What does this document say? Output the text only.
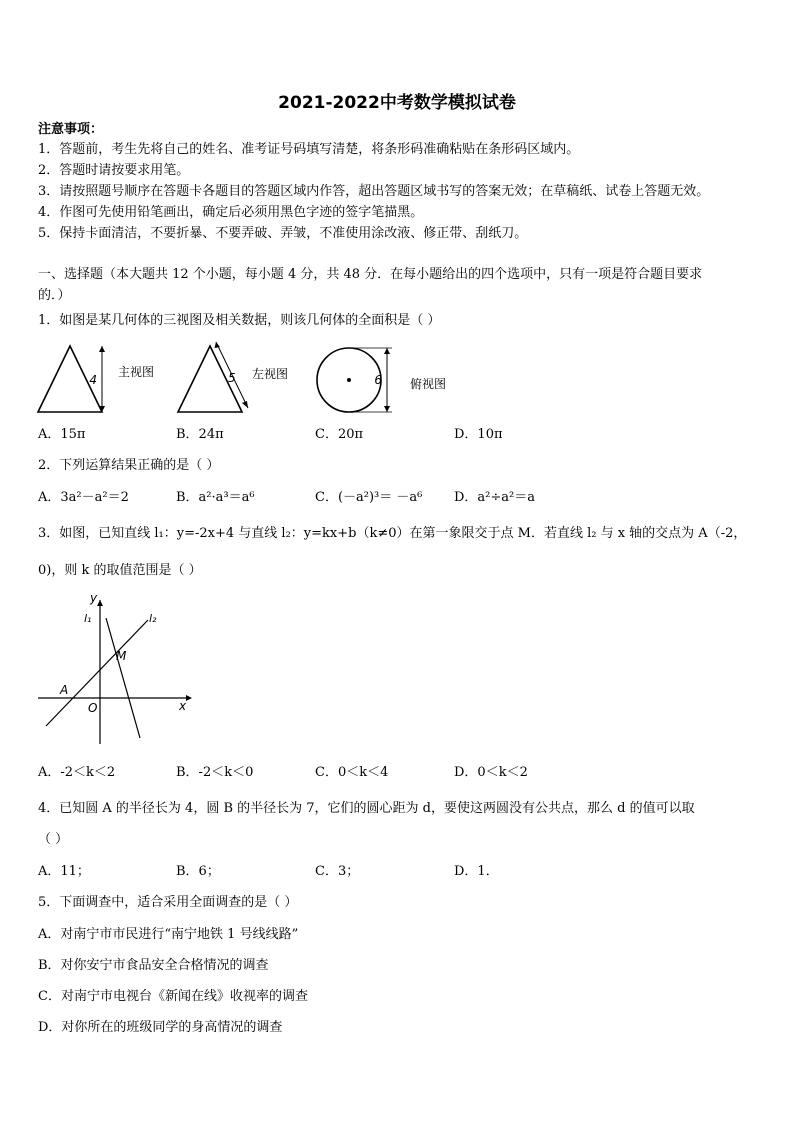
2021-2022中考数学模拟试卷
注意事项：
1．答题前，考生先将自己的姓名、准考证号码填写清楚，将条形码准确粘贴在条形码区域内。
2．答题时请按要求用笔。
3．请按照题号顺序在答题卡各题目的答题区域内作答，超出答题区域书写的答案无效；在草稿纸、试卷上答题无效。
4．作图可先使用铅笔画出，确定后必须用黑色字迹的签字笔描黑。
5．保持卡面清洁，不要折暴、不要弄破、弄皱，不准使用涂改液、修正带、刮纸刀。
一、选择题（本大题共 12 个小题，每小题 4 分，共 48 分．在每小题给出的四个选项中，只有一项是符合题目要求
的．）
1．如图是某几何体的三视图及相关数据，则该几何体的全面积是（ ）
4
主视图	5 左视图	6 俯视图
A．15π	B．24π	C．20π	D．10π
2．下列运算结果正确的是（ ）
A．3a²－a²＝2	B．a²·a³＝a⁶	C．(－a²)³＝ －a⁶ D．a²÷a²＝a
3．如图，已知直线 l₁：y=-2x+4 与直线 l₂：y=kx+b（k≠0）在第一象限交于点 M．若直线 l₂ 与 x 轴的交点为 A（-2，
0)，则 k 的取值范围是（ ）
y
x
O
A
M
l₁	l₂
A．-2＜k＜2	B．-2＜k＜0	C．0＜k＜4	D．0＜k＜2
4．已知圆 A 的半径长为 4，圆 B 的半径长为 7，它们的圆心距为 d，要使这两圆没有公共点，那么 d 的值可以取
（ ）
A．11；	B．6；	C．3；	D．1．
5．下面调查中，适合采用全面调查的是（ ）
A．对南宁市市民进行“南宁地铁 1 号线线路”
B．对你安宁市食品安全合格情况的调查
C．对南宁市电视台《新闻在线》收视率的调查
D．对你所在的班级同学的身高情况的调查
